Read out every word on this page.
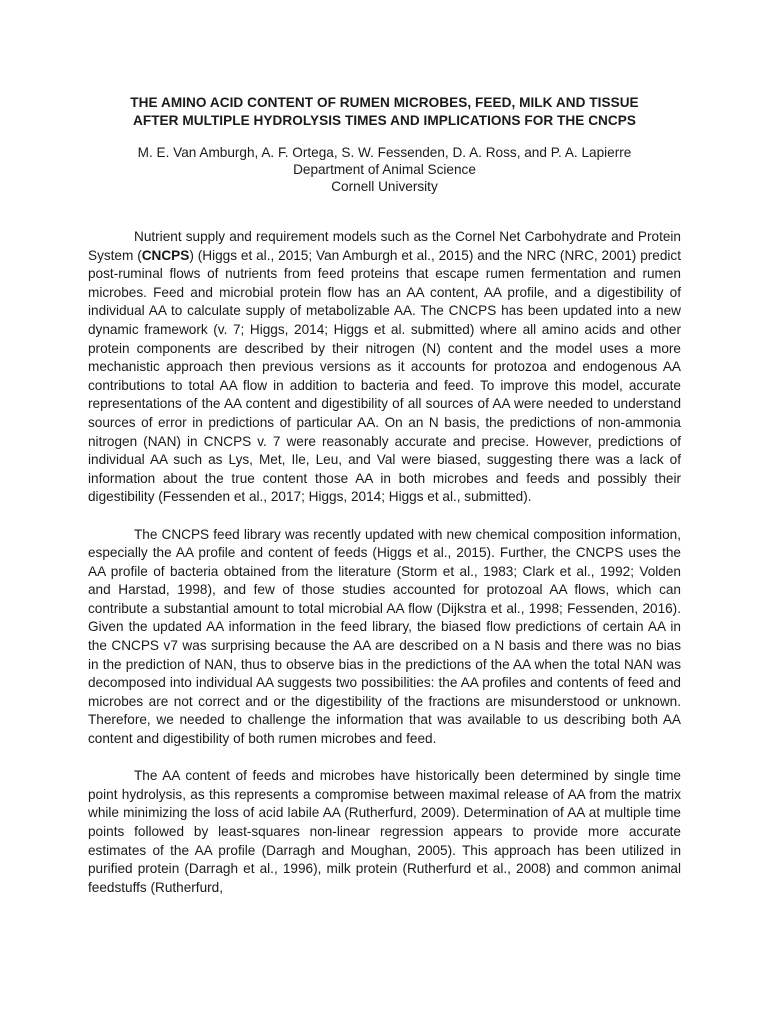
THE AMINO ACID CONTENT OF RUMEN MICROBES, FEED, MILK AND TISSUE
AFTER MULTIPLE HYDROLYSIS TIMES AND IMPLICATIONS FOR THE CNCPS
M. E. Van Amburgh, A. F. Ortega, S. W. Fessenden, D. A. Ross, and P. A. Lapierre
Department of Animal Science
Cornell University

Nutrient supply and requirement models such as the Cornel Net Carbohydrate and Protein System (CNCPS) (Higgs et al., 2015; Van Amburgh et al., 2015) and the NRC (NRC, 2001) predict post-ruminal flows of nutrients from feed proteins that escape rumen fermentation and rumen microbes. Feed and microbial protein flow has an AA content, AA profile, and a digestibility of individual AA to calculate supply of metabolizable AA. The CNCPS has been updated into a new dynamic framework (v. 7; Higgs, 2014; Higgs et al. submitted) where all amino acids and other protein components are described by their nitrogen (N) content and the model uses a more mechanistic approach then previous versions as it accounts for protozoa and endogenous AA contributions to total AA flow in addition to bacteria and feed. To improve this model, accurate representations of the AA content and digestibility of all sources of AA were needed to understand sources of error in predictions of particular AA. On an N basis, the predictions of non-ammonia nitrogen (NAN) in CNCPS v. 7 were reasonably accurate and precise. However, predictions of individual AA such as Lys, Met, Ile, Leu, and Val were biased, suggesting there was a lack of information about the true content those AA in both microbes and feeds and possibly their digestibility (Fessenden et al., 2017; Higgs, 2014; Higgs et al., submitted).

The CNCPS feed library was recently updated with new chemical composition information, especially the AA profile and content of feeds (Higgs et al., 2015). Further, the CNCPS uses the AA profile of bacteria obtained from the literature (Storm et al., 1983; Clark et al., 1992; Volden and Harstad, 1998), and few of those studies accounted for protozoal AA flows, which can contribute a substantial amount to total microbial AA flow (Dijkstra et al., 1998; Fessenden, 2016). Given the updated AA information in the feed library, the biased flow predictions of certain AA in the CNCPS v7 was surprising because the AA are described on a N basis and there was no bias in the prediction of NAN, thus to observe bias in the predictions of the AA when the total NAN was decomposed into individual AA suggests two possibilities: the AA profiles and contents of feed and microbes are not correct and or the digestibility of the fractions are misunderstood or unknown. Therefore, we needed to challenge the information that was available to us describing both AA content and digestibility of both rumen microbes and feed.

The AA content of feeds and microbes have historically been determined by single time point hydrolysis, as this represents a compromise between maximal release of AA from the matrix while minimizing the loss of acid labile AA (Rutherfurd, 2009). Determination of AA at multiple time points followed by least-squares non-linear regression appears to provide more accurate estimates of the AA profile (Darragh and Moughan, 2005). This approach has been utilized in purified protein (Darragh et al., 1996), milk protein (Rutherfurd et al., 2008) and common animal feedstuffs (Rutherfurd,
